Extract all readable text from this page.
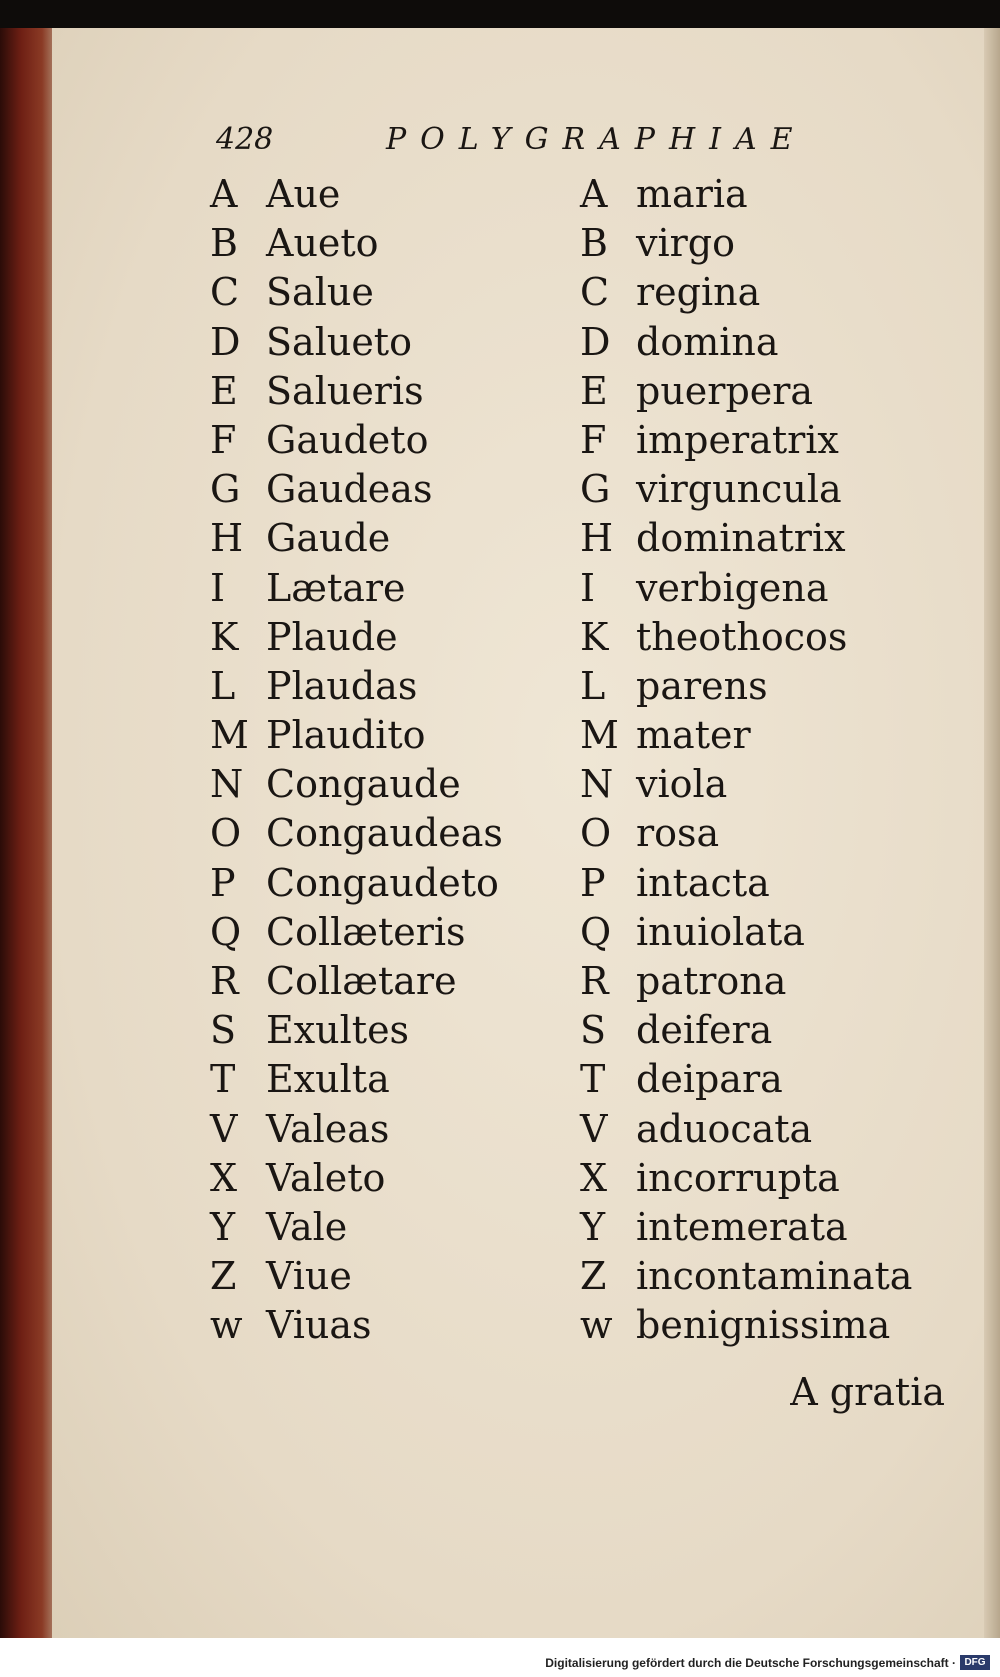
428	POLYGRAPHIAE
A Aue
B Aueto
C Salue
D Salueto
E Salueris
F Gaudeto
G Gaudeas
H Gaude
I Lætare
K Plaude
L Plaudas
M Plaudito
N Congaude
O Congaudeas
P Congaudeto
Q Collæteris
R Collætare
S Exultes
T Exulta
V Valeas
X Valeto
Y Vale
Z Viue
w Viuas
A maria
B virgo
C regina
D domina
E puerpera
F imperatrix
G virguncula
H dominatrix
I verbigena
K theothocos
L parens
M mater
N viola
O rosa
P intacta
Q inuiolata
R patrona
S deifera
T deipara
V aduocata
X incorrupta
Y intemerata
Z incontaminata
w benignissima
A gratia
Digitalisierung gefördert durch die Deutsche Forschungsgemeinschaft · DFG
